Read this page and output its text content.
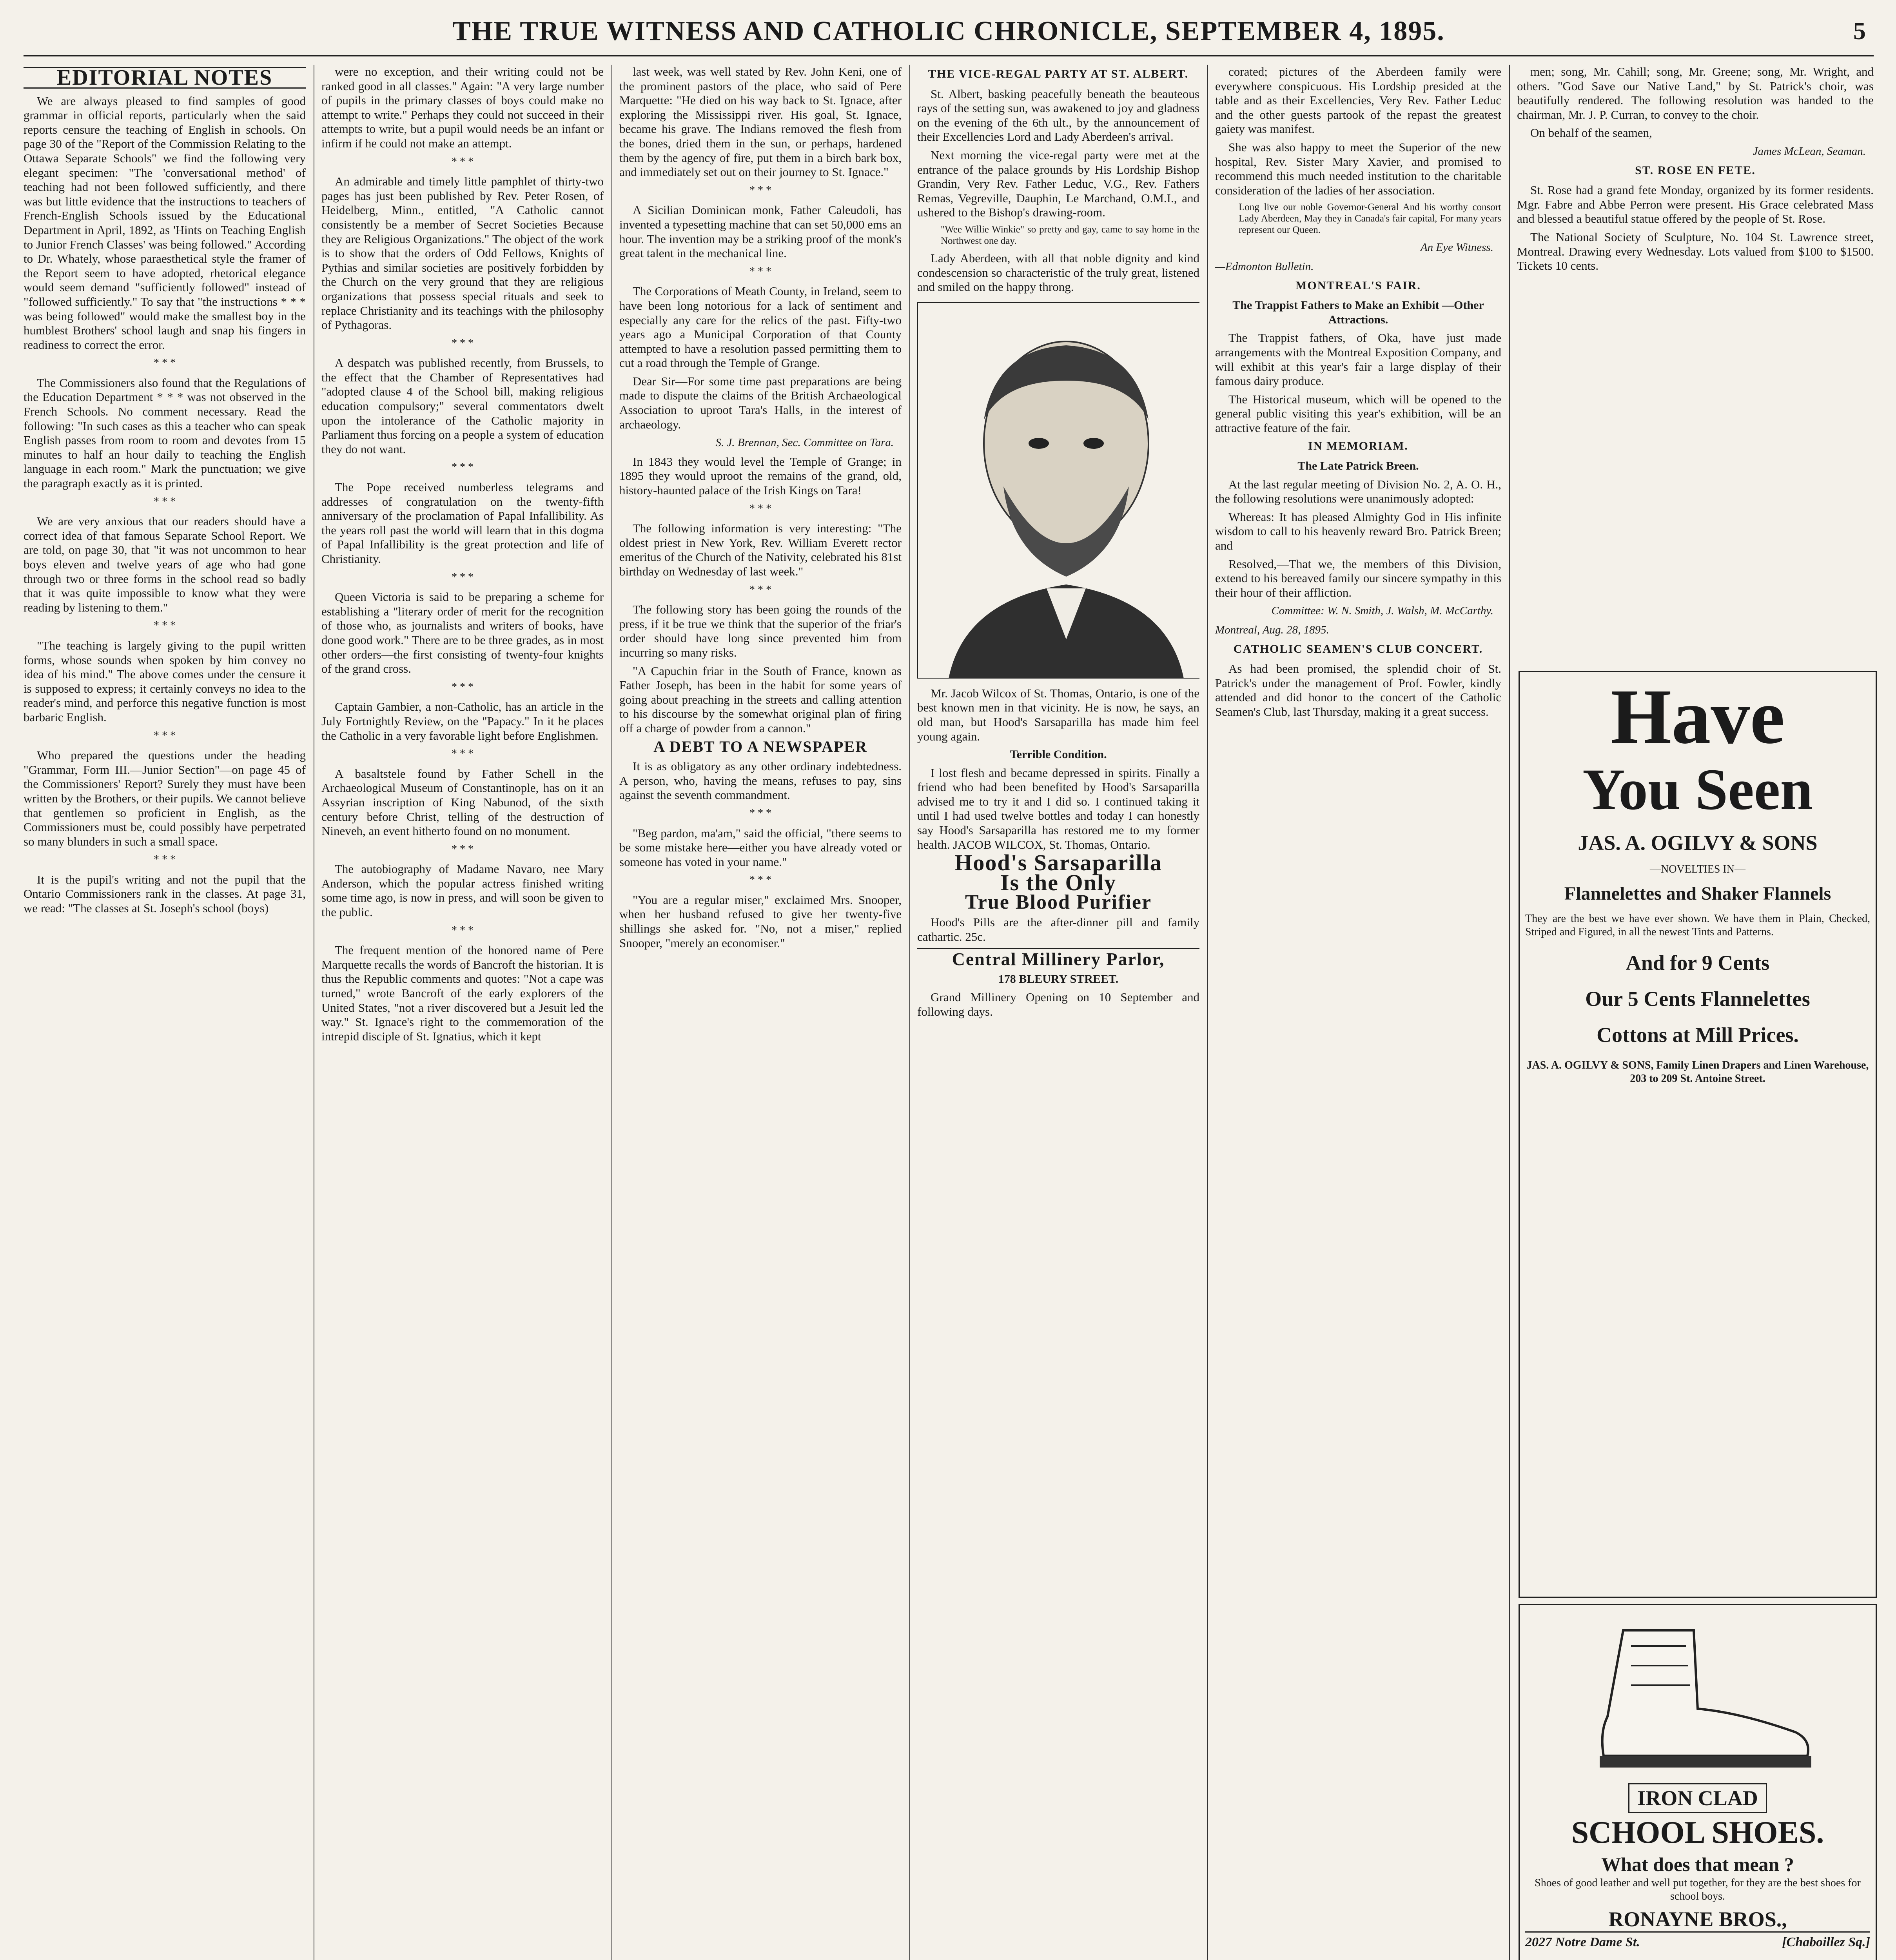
THE TRUE WITNESS AND CATHOLIC CHRONICLE, SEPTEMBER 4, 1895.	5
EDITORIAL NOTES

We are always pleased to find samples of good grammar in official reports, particularly when the said reports censure the teaching of English in schools. On page 30 of the "Report of the Commission Relating to the Ottawa Separate Schools" we find the following very elegant specimen: "The 'conversational method' of teaching had not been followed sufficiently, and there was but little evidence that the instructions to teachers of French-English Schools issued by the Educational Department in April, 1892, as 'Hints on Teaching English to Junior French Classes' was being followed." According to Dr. Whately, whose paraesthetical style the framer of the Report seem to have adopted, rhetorical elegance would seem demand "sufficiently followed" instead of "followed sufficiently." To say that "the instructions * * * was being followed" would make the smallest boy in the humblest Brothers' school laugh and snap his fingers in readiness to correct the error.

* * *

The Commissioners also found that the Regulations of the Education Department * * * was not observed in the French Schools. No comment necessary. Read the following: "In such cases as this a teacher who can speak English passes from room to room and devotes from 15 minutes to half an hour daily to teaching the English language in each room." Mark the punctuation; we give the paragraph exactly as it is printed.

* * *

We are very anxious that our readers should have a correct idea of that famous Separate School Report. We are told, on page 30, that "it was not uncommon to hear boys eleven and twelve years of age who had gone through two or three forms in the school read so badly that it was quite impossible to know what they were reading by listening to them."

* * *

"The teaching is largely giving to the pupil written forms, whose sounds when spoken by him convey no idea of his mind." The above comes under the censure it is supposed to express; it certainly conveys no idea to the reader's mind, and perforce this negative function is most barbaric English.

* * *

Who prepared the questions under the heading "Grammar, Form III.—Junior Section"—on page 45 of the Commissioners' Report? Surely they must have been written by the Brothers, or their pupils. We cannot believe that gentlemen so proficient in English, as the Commissioners must be, could possibly have perpetrated so many blunders in such a small space.

* * *

It is the pupil's writing and not the pupil that the Ontario Commissioners rank in the classes. At page 31, we read: "The classes at St. Joseph's school (boys)

were no exception, and their writing could not be ranked good in all classes." Again: "A very large number of pupils in the primary classes of boys could make no attempt to write." Perhaps they could not succeed in their attempts to write, but a pupil would needs be an infant or infirm if he could not make an attempt.

* * *

An admirable and timely little pamphlet of thirty-two pages has just been published by Rev. Peter Rosen, of Heidelberg, Minn., entitled, "A Catholic cannot consistently be a member of Secret Societies Because they are Religious Organizations." The object of the work is to show that the orders of Odd Fellows, Knights of Pythias and similar societies are positively forbidden by the Church on the very ground that they are religious organizations that possess special rituals and seek to replace Christianity and its teachings with the philosophy of Pythagoras.

* * *

A despatch was published recently, from Brussels, to the effect that the Chamber of Representatives had "adopted clause 4 of the School bill, making religious education compulsory;" several commentators dwelt upon the intolerance of the Catholic majority in Parliament thus forcing on a people a system of education they do not want.

* * *

The Pope received numberless telegrams and addresses of congratulation on the twenty-fifth anniversary of the proclamation of Papal Infallibility. As the years roll past the world will learn that in this dogma of Papal Infallibility is the great protection and life of Christianity.

* * *

Queen Victoria is said to be preparing a scheme for establishing a "literary order of merit for the recognition of those who, as journalists and writers of books, have done good work." There are to be three grades, as in most other orders—the first consisting of twenty-four knights of the grand cross.

* * *

Captain Gambier, a non-Catholic, has an article in the July Fortnightly Review, on the "Papacy." In it he places the Catholic in a very favorable light before Englishmen.

* * *

A basaltstele found by Father Schell in the Archaeological Museum of Constantinople, has on it an Assyrian inscription of King Nabunod, of the sixth century before Christ, telling of the destruction of Nineveh, an event hitherto found on no monument.

* * *

The autobiography of Madame Navaro, nee Mary Anderson, which the popular actress finished writing some time ago, is now in press, and will soon be given to the public.

* * *

The frequent mention of the honored name of Pere Marquette recalls the words of Bancroft the historian. It is thus the Republic comments and quotes: "Not a cape was turned," wrote Bancroft of the early explorers of the United States, "not a river discovered but a Jesuit led the way." St. Ignace's right to the commemoration of the intrepid disciple of St. Ignatius, which it kept

last week, was well stated by Rev. John Keni, one of the prominent pastors of the place, who said of Pere Marquette: "He died on his way back to St. Ignace, after exploring the Mississippi river. His goal, St. Ignace, became his grave. The Indians removed the flesh from the bones, dried them in the sun, or perhaps, hardened them by the agency of fire, put them in a birch bark box, and immediately set out on their journey to St. Ignace."

* * *

A Sicilian Dominican monk, Father Caleudoli, has invented a typesetting machine that can set 50,000 ems an hour. The invention may be a striking proof of the monk's great talent in the mechanical line.

* * *

The Corporations of Meath County, in Ireland, seem to have been long notorious for a lack of sentiment and especially any care for the relics of the past. Fifty-two years ago a Municipal Corporation of that County attempted to have a resolution passed permitting them to cut a road through the Temple of Grange.

Dear Sir—For some time past preparations are being made to dispute the claims of the British Archaeological Association to uproot Tara's Halls, in the interest of archaeology.

S. J. Brennan, Sec. Committee on Tara.

In 1843 they would level the Temple of Grange; in 1895 they would uproot the remains of the grand, old, history-haunted palace of the Irish Kings on Tara!

* * *

The following information is very interesting: "The oldest priest in New York, Rev. William Everett rector emeritus of the Church of the Nativity, celebrated his 81st birthday on Wednesday of last week."

* * *

The following story has been going the rounds of the press, if it be true we think that the superior of the friar's order should have long since prevented him from incurring so many risks.

"A Capuchin friar in the South of France, known as Father Joseph, has been in the habit for some years of going about preaching in the streets and calling attention to his discourse by the somewhat original plan of firing off a charge of powder from a cannon."

A DEBT TO A NEWSPAPER

It is as obligatory as any other ordinary indebtedness. A person, who, having the means, refuses to pay, sins against the seventh commandment.

* * *

"Beg pardon, ma'am," said the official, "there seems to be some mistake here—either you have already voted or someone has voted in your name."

* * *

"You are a regular miser," exclaimed Mrs. Snooper, when her husband refused to give her twenty-five shillings she asked for. "No, not a miser," replied Snooper, "merely an economiser."

THE VICE-REGAL PARTY AT ST. ALBERT.

St. Albert, basking peacefully beneath the beauteous rays of the setting sun, was awakened to joy and gladness on the evening of the 6th ult., by the announcement of their Excellencies Lord and Lady Aberdeen's arrival.

Next morning the vice-regal party were met at the entrance of the palace grounds by His Lordship Bishop Grandin, Very Rev. Father Leduc, V.G., Rev. Fathers Remas, Vegreville, Dauphin, Le Marchand, O.M.I., and ushered to the Bishop's drawing-room.

"Wee Willie Winkie" so pretty and gay, came to say home in the Northwest one day.

Lady Aberdeen, with all that noble dignity and kind condescension so characteristic of the truly great, listened and smiled on the happy throng.

Mr. Jacob Wilcox of St. Thomas, Ontario, is one of the best known men in that vicinity. He is now, he says, an old man, but Hood's Sarsaparilla has made him feel young again.

Terrible Condition.

I lost flesh and became depressed in spirits. Finally a friend who had been benefited by Hood's Sarsaparilla advised me to try it and I did so. I continued taking it until I had used twelve bottles and today I can honestly say Hood's Sarsaparilla has restored me to my former health. JACOB WILCOX, St. Thomas, Ontario.

Hood's Sarsaparilla
Is the Only
True Blood Purifier

Hood's Pills are the after-dinner pill and family cathartic. 25c.

Central Millinery Parlor,
178 BLEURY STREET.

Grand Millinery Opening on 10 September and following days.

corated; pictures of the Aberdeen family were everywhere conspicuous. His Lordship presided at the table and as their Excellencies, Very Rev. Father Leduc and the other guests partook of the repast the greatest gaiety was manifest.

She was also happy to meet the Superior of the new hospital, Rev. Sister Mary Xavier, and promised to recommend this much needed institution to the charitable consideration of the ladies of her association.

Long live our noble Governor-General And his worthy consort Lady Aberdeen, May they in Canada's fair capital, For many years represent our Queen.
An Eye Witness.
—Edmonton Bulletin.
MONTREAL'S FAIR.
The Trappist Fathers to Make an Exhibit —Other Attractions.

The Trappist fathers, of Oka, have just made arrangements with the Montreal Exposition Company, and will exhibit at this year's fair a large display of their famous dairy produce.

The Historical museum, which will be opened to the general public visiting this year's exhibition, will be an attractive feature of the fair.

IN MEMORIAM.
The Late Patrick Breen.

At the last regular meeting of Division No. 2, A. O. H., the following resolutions were unanimously adopted:

Whereas: It has pleased Almighty God in His infinite wisdom to call to his heavenly reward Bro. Patrick Breen; and

Resolved,—That we, the members of this Division, extend to his bereaved family our sincere sympathy in this their hour of their affliction.

Committee: W. N. Smith, J. Walsh, M. McCarthy.
Montreal, Aug. 28, 1895.
CATHOLIC SEAMEN'S CLUB CONCERT.

As had been promised, the splendid choir of St. Patrick's under the management of Prof. Fowler, kindly attended and did honor to the concert of the Catholic Seamen's Club, last Thursday, making it a great success.

men; song, Mr. Cahill; song, Mr. Greene; song, Mr. Wright, and others. "God Save our Native Land," by St. Patrick's choir, was beautifully rendered. The following resolution was handed to the chairman, Mr. J. P. Curran, to convey to the choir.

On behalf of the seamen,

James McLean, Seaman.
ST. ROSE EN FETE.

St. Rose had a grand fete Monday, organized by its former residents. Mgr. Fabre and Abbe Perron were present. His Grace celebrated Mass and blessed a beautiful statue offered by the people of St. Rose.

The National Society of Sculpture, No. 104 St. Lawrence street, Montreal. Drawing every Wednesday. Lots valued from $100 to $1500. Tickets 10 cents.

Have
You Seen
JAS. A. OGILVY & SONS
—NOVELTIES IN—
Flannelettes and Shaker Flannels
They are the best we have ever shown. We have them in Plain, Checked, Striped and Figured, in all the newest Tints and Patterns.
And for 9 Cents
Our 5 Cents Flannelettes
Cottons at Mill Prices.
JAS. A. OGILVY & SONS, Family Linen Drapers and Linen Warehouse, 203 to 209 St. Antoine Street.
IRON CLAD
SCHOOL SHOES.
What does that mean ?
Shoes of good leather and well put together, for they are the best shoes for school boys.
RONAYNE BROS.,
2027 Notre Dame St.	[Chaboillez Sq.]
